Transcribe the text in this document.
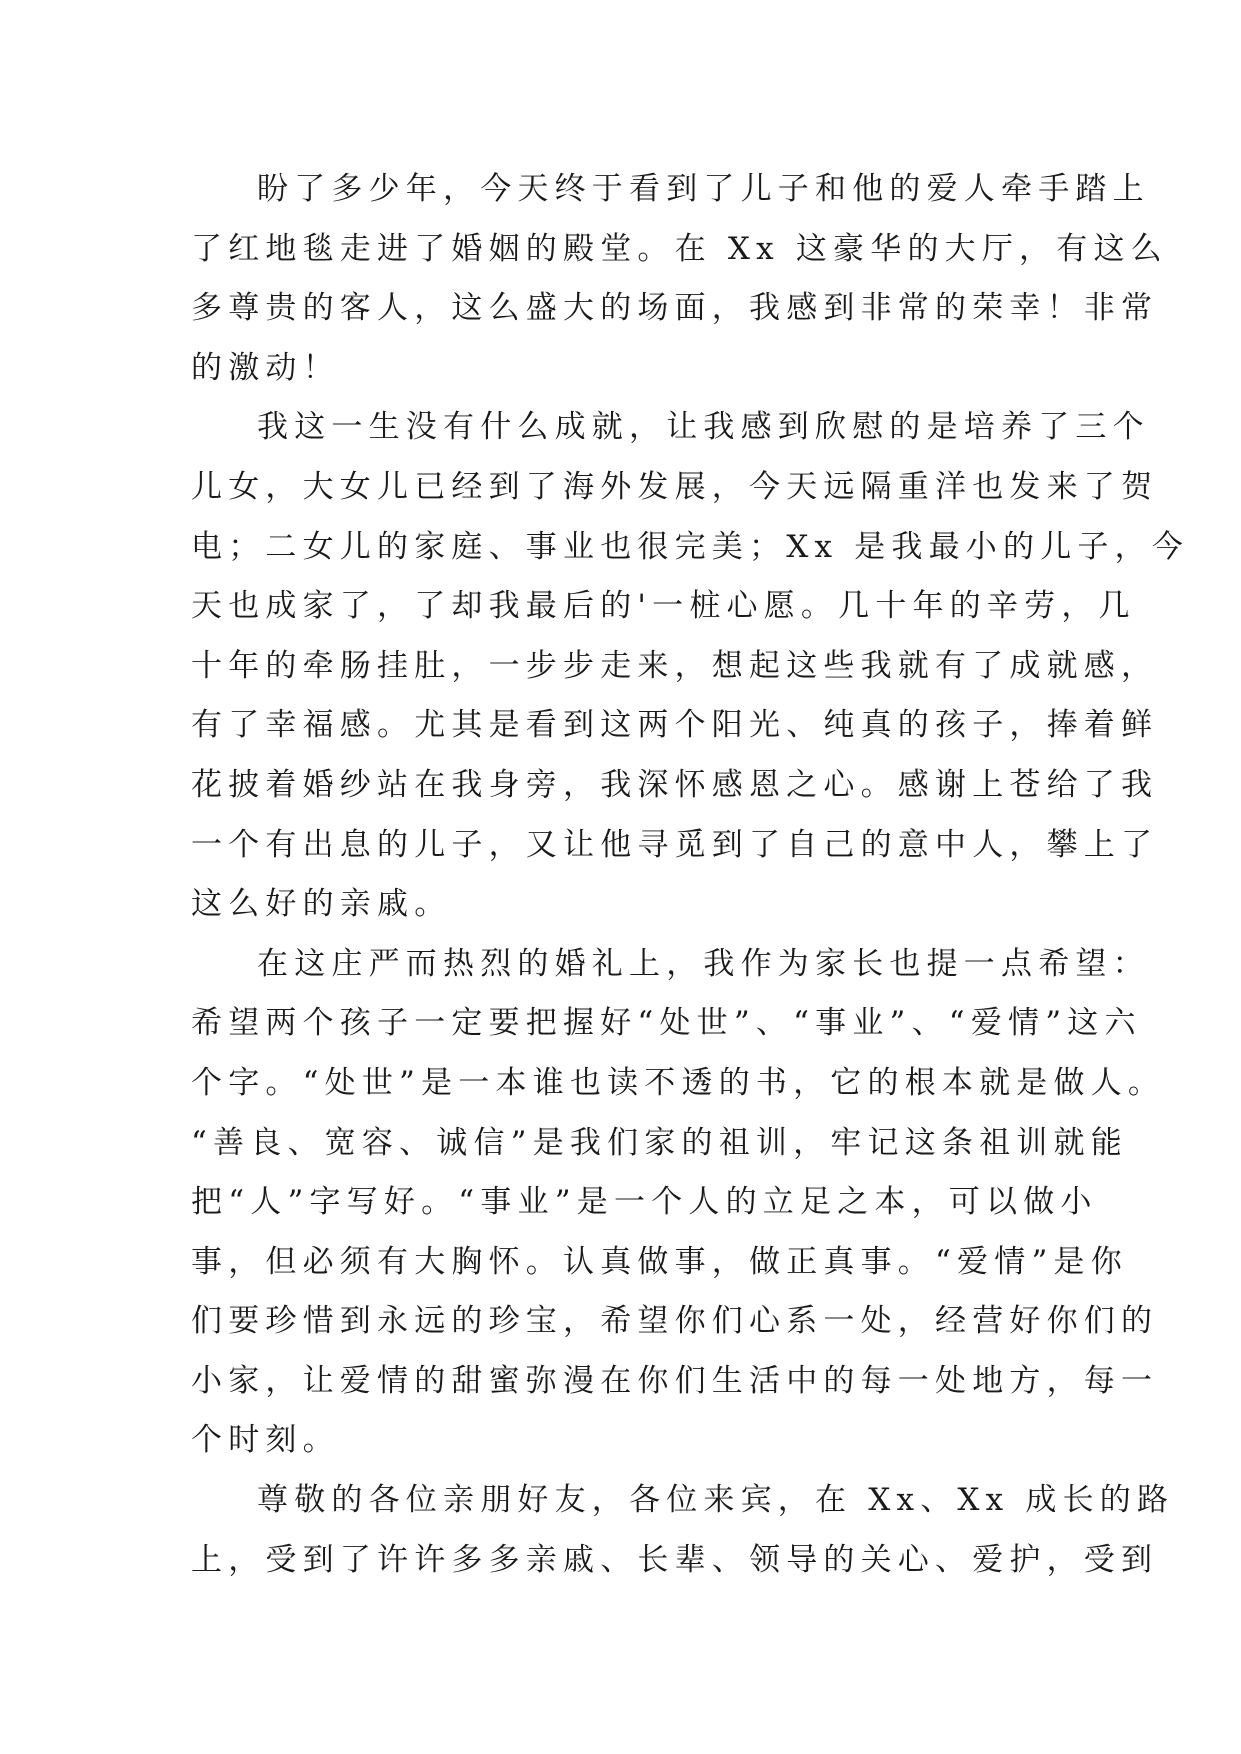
盼了多少年，今天终于看到了儿子和他的爱人牵手踏上
了红地毯走进了婚姻的殿堂。在 Xx 这豪华的大厅，有这么
多尊贵的客人，这么盛大的场面，我感到非常的荣幸！非常
的激动！
我这一生没有什么成就，让我感到欣慰的是培养了三个
儿女，大女儿已经到了海外发展，今天远隔重洋也发来了贺
电；二女儿的家庭、事业也很完美；Xx 是我最小的儿子，今
天也成家了，了却我最后的'一桩心愿。几十年的辛劳，几
十年的牵肠挂肚，一步步走来，想起这些我就有了成就感，
有了幸福感。尤其是看到这两个阳光、纯真的孩子，捧着鲜
花披着婚纱站在我身旁，我深怀感恩之心。感谢上苍给了我
一个有出息的儿子，又让他寻觅到了自己的意中人，攀上了
这么好的亲戚。
在这庄严而热烈的婚礼上，我作为家长也提一点希望：
希望两个孩子一定要把握好“处世”、“事业”、“爱情”这六
个字。“处世”是一本谁也读不透的书，它的根本就是做人。
“善良、宽容、诚信”是我们家的祖训，牢记这条祖训就能
把“人”字写好。“事业”是一个人的立足之本，可以做小
事，但必须有大胸怀。认真做事，做正真事。“爱情”是你
们要珍惜到永远的珍宝，希望你们心系一处，经营好你们的
小家，让爱情的甜蜜弥漫在你们生活中的每一处地方，每一
个时刻。
尊敬的各位亲朋好友，各位来宾，在 Xx、Xx 成长的路
上，受到了许许多多亲戚、长辈、领导的关心、爱护，受到
